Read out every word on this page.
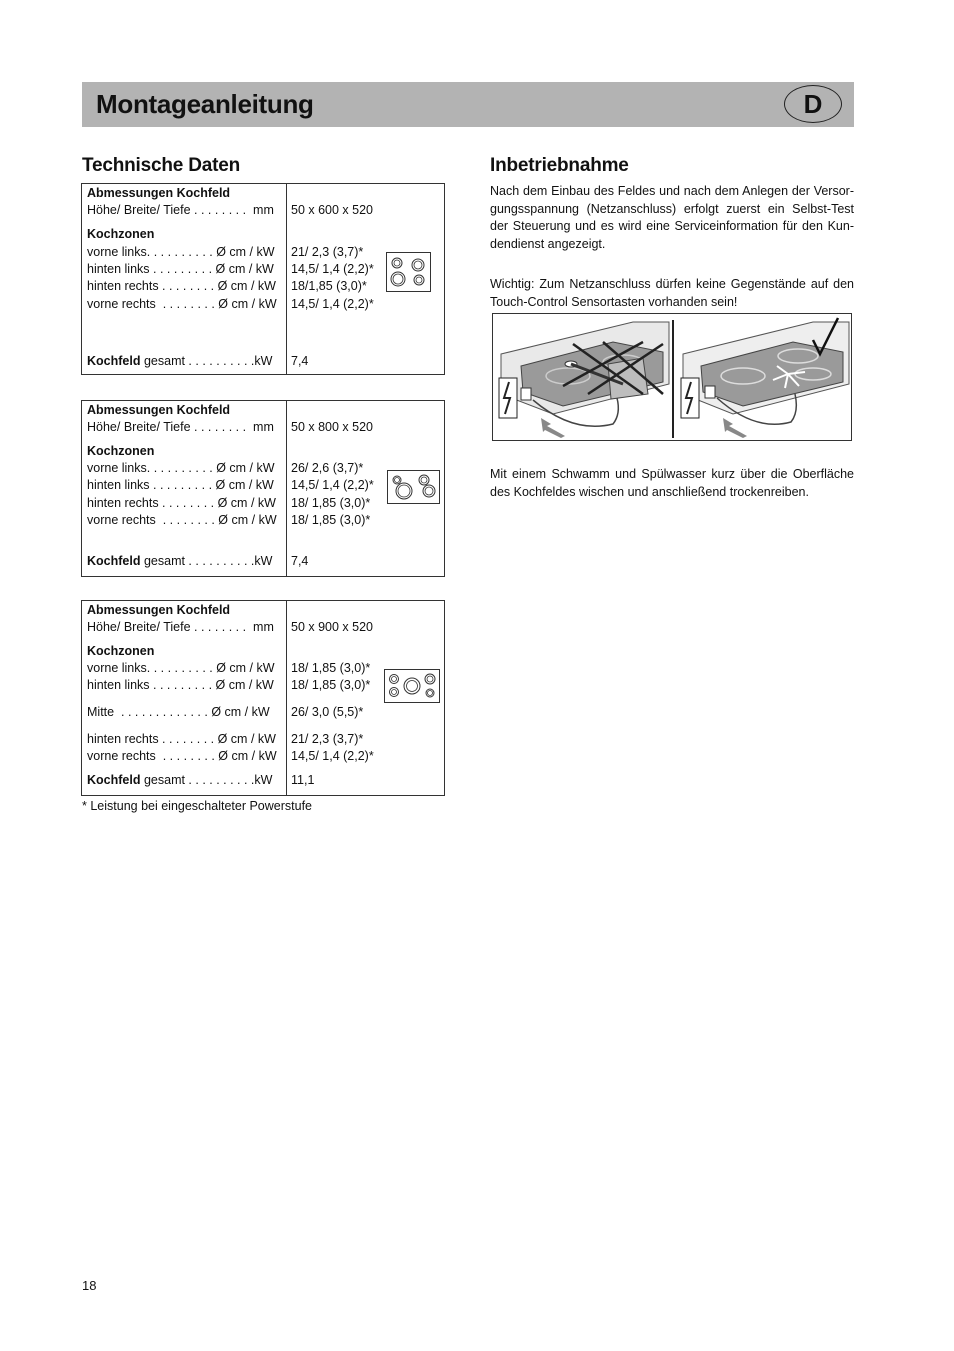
Montageanleitung	D
Technische Daten	Inbetriebnahme
Abmessungen Kochfeld
Höhe/ Breite/ Tiefe . . . . . . . .  mm	50 x 600 x 520
Kochzonen
vorne links. . . . . . . . . . Ø cm / kW	21/ 2,3 (3,7)*
hinten links . . . . . . . . . Ø cm / kW	14,5/ 1,4 (2,2)*
hinten rechts . . . . . . . . Ø cm / kW	18/1,85 (3,0)*
vorne rechts  . . . . . . . . Ø cm / kW	14,5/ 1,4 (2,2)*
Kochfeld gesamt . . . . . . . . . .kW	7,4
Abmessungen Kochfeld
Höhe/ Breite/ Tiefe . . . . . . . .  mm	50 x 800 x 520
Kochzonen
vorne links. . . . . . . . . . Ø cm / kW	26/ 2,6 (3,7)*
hinten links . . . . . . . . . Ø cm / kW	14,5/ 1,4 (2,2)*
hinten rechts . . . . . . . . Ø cm / kW	18/ 1,85 (3,0)*
vorne rechts  . . . . . . . . Ø cm / kW	18/ 1,85 (3,0)*
Kochfeld gesamt . . . . . . . . . .kW	7,4
Abmessungen Kochfeld
Höhe/ Breite/ Tiefe . . . . . . . .  mm	50 x 900 x 520
Kochzonen
vorne links. . . . . . . . . . Ø cm / kW	18/ 1,85 (3,0)*
hinten links . . . . . . . . . Ø cm / kW	18/ 1,85 (3,0)*
Mitte  . . . . . . . . . . . . . Ø cm / kW	26/ 3,0 (5,5)*
hinten rechts . . . . . . . . Ø cm / kW	21/ 2,3 (3,7)*
vorne rechts  . . . . . . . . Ø cm / kW	14,5/ 1,4 (2,2)*
Kochfeld gesamt . . . . . . . . . .kW	11,1
* Leistung bei eingeschalteter Powerstufe
Nach dem Einbau des Feldes und nach dem Anlegen der Versor-gungsspannung (Netzanschluss) erfolgt zuerst ein Selbst-Test der Steuerung und es wird eine Serviceinformation für den Kun-dendienst angezeigt.
Wichtig: Zum Netzanschluss dürfen keine Gegenstände auf den Touch-Control Sensortasten vorhanden sein!
Mit einem Schwamm und Spülwasser kurz über die Oberfläche des Kochfeldes wischen und anschließend trockenreiben.
18
